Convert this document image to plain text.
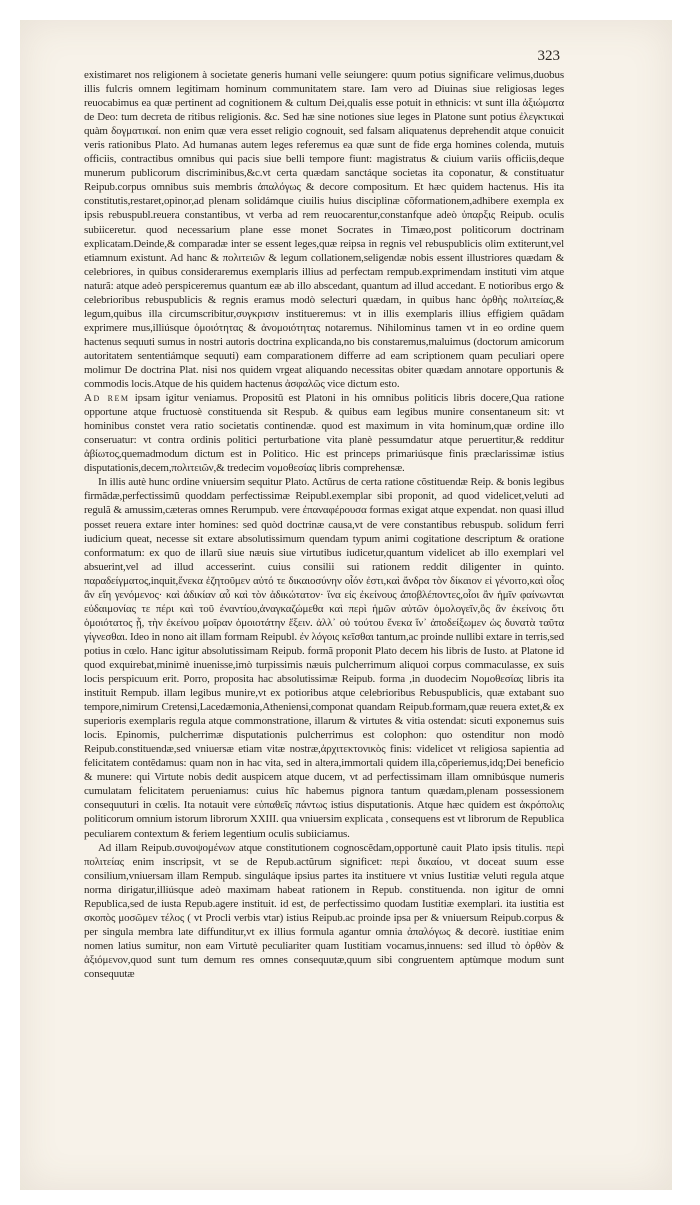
323

existimaret nos religionem à societate generis humani velle seiungere: quum potius significare velimus,duobus illis fulcris omnem legitimam hominum communitatem stare. Iam vero ad Diuinas siue religiosas leges reuocabimus ea quæ pertinent ad cognitionem & cultum Dei,qualis esse potuit in ethnicis: vt sunt illa ἀξιώματα de Deo: tum decreta de ritibus religionis. &c. Sed hæ sine notiones siue leges in Platone sunt potius ἐλεγκτικαὶ quàm δογματικαί. non enim quæ vera esset religio cognouit, sed falsam aliquatenus deprehendit atque conuicit veris rationibus Plato. Ad humanas autem leges referemus ea quæ sunt de fide erga homines colenda, mutuis officiis, contractibus omnibus qui pacis siue belli tempore fiunt: magistratus & ciuium variis officiis,deque munerum publicorum discriminibus,&c.vt certa quædam sanctáque societas ita coponatur, & constituatur Reipub.corpus omnibus suis membris ἀπαλόγως & decore compositum. Et hæc quidem hactenus. His ita constitutis,restaret,opinor,ad plenam solidámque ciuilis huius disciplinæ cõformationem,adhibere exempla ex ipsis rebuspubl.reuera constantibus, vt verba ad rem reuocarentur,constanfque adeò ὑπαρξις Reipub. oculis subiiceretur. quod necessarium plane esse monet Socrates in Timæo,post politicorum doctrinam explicatam.Deinde,& comparadæ inter se essent leges,quæ reipsa in regnis vel rebuspublicis olim extiterunt,vel etiamnum existunt. Ad hanc & πολιτειῶν & legum collationem,seligendæ nobis essent illustriores quædam & celebriores, in quibus consideraremus exemplaris illius ad perfectam rempub.exprimendam instituti vim atque naturã: atque adeò perspiceremus quantum eæ ab illo abscedant, quantum ad illud accedant. E notioribus ergo & celebrioribus rebuspublicis & regnis eramus modò selecturi quædam, in quibus hanc ὀρθὴς πολιτείας,& legum,quibus illa circumscribitur,συγκρισιν institueremus: vt in illis exemplaris illius effigiem quãdam exprimere mus,illiúsque ὁμοιότητας & ἀνομοιότητας notaremus. Nihilominus tamen vt in eo ordine quem hactenus sequuti sumus in nostri autoris doctrina explicanda,no bis constaremus,maluimus (doctorum amicorum autoritatem sententiámque sequuti) eam comparationem differre ad eam scriptionem quam peculiari opere molimur De doctrina Plat. nisi nos quidem vrgeat aliquando necessitas obiter quædam annotare opportunis & commodis locis.Atque de his quidem hactenus ἀσφαλῶς vice dictum esto.

Ad rem ipsam igitur veniamus. Propositũ est Platoni in his omnibus politicis libris docere,Qua ratione opportune atque fructuosè constituenda sit Respub. & quibus eam legibus munire consentaneum sit: vt hominibus constet vera ratio societatis continendæ. quod est maximum in vita hominum,quæ ordine illo conseruatur: vt contra ordinis politici perturbatione vita planè pessumdatur atque peruertitur,& redditur ἀβίωτος,quemadmodum dictum est in Politico. Hic est princeps primariúsque finis præclarissimæ istius disputationis,decem,πολιτειῶν,& tredecim νομοθεσίας libris comprehensæ.

In illis autè hunc ordine vniuersim sequitur Plato. Actũrus de certa ratione cõstituendæ Reip. & bonis legibus firmãdæ,perfectissimũ quoddam perfectissimæ Reipubl.exemplar sibi proponit, ad quod videlicet,veluti ad regulã & amussim,cæteras omnes Rerumpub. vere ἐπαναφέρουσα formas exigat atque expendat. non quasi illud posset reuera extare inter homines: sed quòd doctrinæ causa,vt de vere constantibus rebuspub. solidum ferri iudicium queat, necesse sit extare absolutissimum quendam typum animi cogitatione descriptum & oratione conformatum: ex quo de illarũ siue næuis siue virtutibus iudicetur,quantum videlicet ab illo exemplari vel absuerint,vel ad illud accesserint. cuius consilii sui rationem reddit diligenter in quinto. παραδείγματος,inquit,ἕνεκα ἐζητοῦμεν αὐτό τε δικαιοσύνην οἷόν ἐστι,καὶ ἄνδρα τὸν δίκαιον εἰ γένοιτο,καὶ οἷος ἂν εἴη γενόμενος· καὶ ἀδικίαν αὖ καὶ τὸν ἀδικώτατον· ἵνα εἰς ἐκείνους ἀποβλέποντες,οἷοι ἂν ἡμῖν φαίνωνται εὐδαιμονίας τε πέρι καὶ τοῦ ἐναντίου,ἀναγκαζώμεθα καὶ περὶ ἡμῶν αὐτῶν ὁμολογεῖν,ὃς ἂν ἐκείνοις ὅτι ὁμοιότατος ᾖ, τὴν ἐκείνου μοῖραν ὁμοιοτάτην ἕξειν. ἀλλ᾽ οὐ τούτου ἕνεκα ἵν᾽ ἀποδείξωμεν ὡς δυνατὰ ταῦτα γίγνεσθαι. Ideo in nono ait illam formam Reipubl. ἐν λόγοις κεῖσθαι tantum,ac proinde nullibi extare in terris,sed potius in cœlo. Hanc igitur absolutissimam Reipub. formã proponit Plato decem his libris de Iusto. at Platone id quod exquirebat,minimè inuenisse,imò turpissimis næuis pulcherrimum aliquoi corpus commaculasse, ex suis locis perspicuum erit. Porro, proposita hac absolutissimæ Reipub. forma ,in duodecim Νομοθεσίας libris ita instituit Rempub. illam legibus munire,vt ex potioribus atque celebrioribus Rebuspublicis, quæ extabant suo tempore,nimirum Cretensi,Lacedæmonia,Atheniensi,componat quandam Reipub.formam,quæ reuera extet,& ex superioris exemplaris regula atque commonstratione, illarum & virtutes & vitia ostendat: sicuti exponemus suis locis. Epinomis, pulcherrimæ disputationis pulcherrimus est colophon: quo ostenditur non modò Reipub.constituendæ,sed vniuersæ etiam vitæ nostræ,ἀρχιτεκτονικὸς finis: videlicet vt religiosa sapientia ad felicitatem contẽdamus: quam non in hac vita, sed in altera,immortali quidem illa,cõperiemus,idq;Dei beneficio & munere: qui Virtute nobis dedit auspicem atque ducem, vt ad perfectissimam illam omnibúsque numeris cumulatam felicitatem perueniamus: cuius hîc habemus pignora tantum quædam,plenam possessionem consequuturi in cœlis. Ita notauit vere εὐπαθεῖς πάντως istius disputationis. Atque hæc quidem est ἀκρόπολις politicorum omnium istorum librorum XXIII. qua vniuersim explicata , consequens est vt librorum de Republica peculiarem contextum & feriem legentium oculis subiiciamus.

Ad illam Reipub.συνοψομένων atque constitutionem cognoscẽdam,opportunè cauit Plato ipsis titulis. περὶ πολιτείας enim inscripsit, vt se de Repub.actũrum significet: περὶ δικαίου, vt doceat suum esse consilium,vniuersam illam Rempub. singuláque ipsius partes ita instituere vt vnius Iustitiæ veluti regula atque norma dirigatur,illiúsque adeò maximam habeat rationem in Repub. constituenda. non igitur de omni Republica,sed de iusta Repub.agere instituit. id est, de perfectissimo quodam Iustitiæ exemplari. ita iustitia est σκοπὸς μοσῶμεν τέλος ( vt Procli verbis vtar) istius Reipub.ac proinde ipsa per & vniuersum Reipub.corpus & per singula membra late diffunditur,vt ex illius formula agantur omnia ἀπαλόγως & decorè. iustitiae enim nomen latius sumitur, non eam Virtutè peculiariter quam Iustitiam vocamus,innuens: sed illud τὸ ὀρθὸν & ἀξιόμενον,quod sunt tum demum res omnes consequutæ,quum sibi congruentem aptùmque modum sunt consequutæ
